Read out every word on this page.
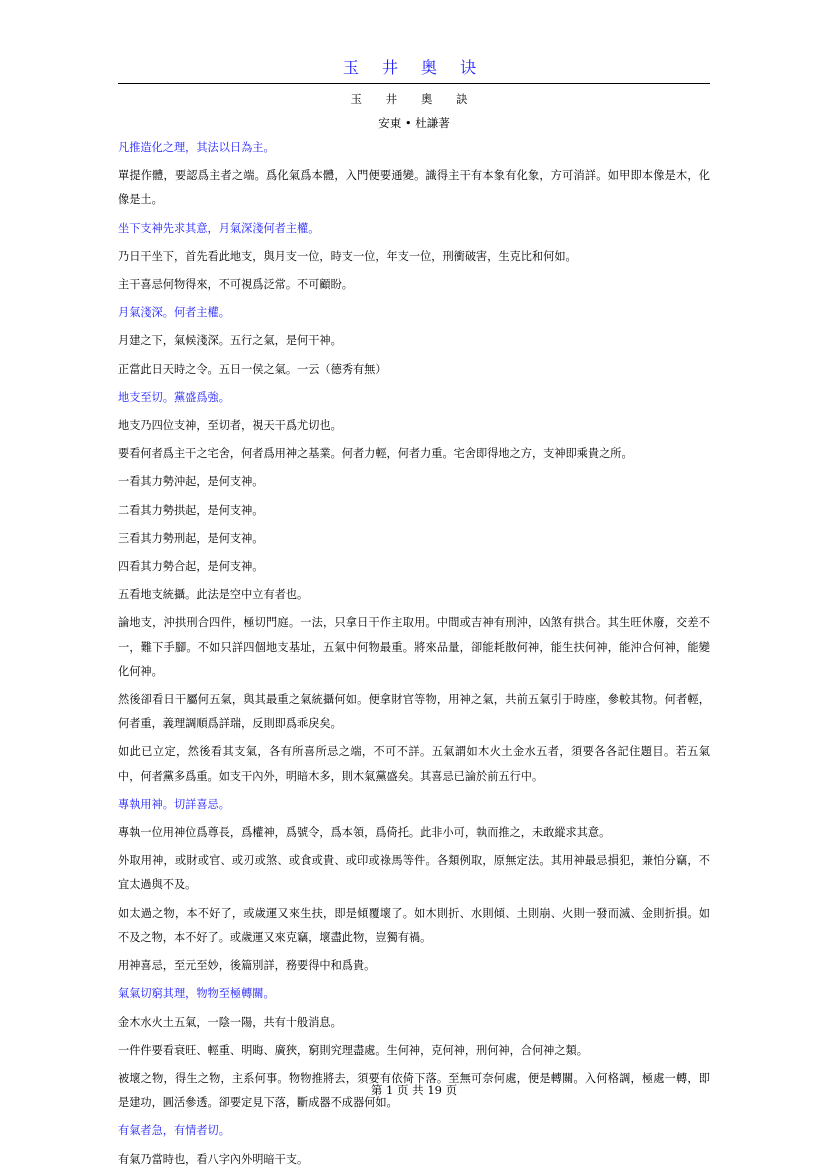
玉 井 奥 诀
玉 井 奧 訣
安東 • 杜謙著

凡推造化之理，其法以日為主。

單提作體，要認爲主者之端。爲化氣爲本體，入門便要通變。識得主干有本象有化象，方可消詳。如甲即本像是木，化像是土。

坐下支神先求其意，月氣深淺何者主權。

乃日干坐下，首先看此地支，與月支一位，時支一位，年支一位，刑衝破害，生克比和何如。

主干喜忌何物得來，不可視爲泛常。不可顧盼。

月氣淺深。何者主權。

月建之下，氣候淺深。五行之氣，是何干神。

正當此日天時之令。五日一侯之氣。一云（德秀有無）

地支至切。黨盛爲強。

地支乃四位支神，至切者，視天干爲尤切也。

要看何者爲主干之宅舍，何者爲用神之基業。何者力輕，何者力重。宅舍即得地之方，支神即乘貴之所。

一看其力勢沖起，是何支神。

二看其力勢拱起，是何支神。

三看其力勢刑起，是何支神。

四看其力勢合起，是何支神。

五看地支統攝。此法是空中立有者也。

論地支，沖拱刑合四件，極切門庭。一法，只拿日干作主取用。中間或吉神有刑沖，凶煞有拱合。其生旺休廢，交差不一，難下手腳。不如只詳四個地支基址，五氣中何物最重。將來品量，卻能耗散何神，能生扶何神，能沖合何神，能變化何神。

然後卻看日干屬何五氣，與其最重之氣統攝何如。便拿財官等物，用神之氣，共前五氣引于時座，參較其物。何者輕，何者重，義理調順爲詳瑞，反則即爲乖戾矣。

如此已立定，然後看其支氣，各有所喜所忌之端，不可不詳。五氣謂如木火土金水五者，須要各各記住題目。若五氣中，何者黨多爲重。如支干內外，明暗木多，則木氣黨盛矣。其喜忌已論於前五行中。

專執用神。切詳喜忌。

專執一位用神位爲尊長，爲權神，爲號令，爲本領，爲倚托。此非小可，執而推之，未敢縱求其意。

外取用神，或財或官、或刃或煞、或食或貴、或印或祿馬等件。各類例取，原無定法。其用神最忌損犯，兼怕分竊，不宜太過與不及。

如太過之物，本不好了，或歲運又來生扶，即是傾覆壞了。如木則折、水則傾、土則崩、火則一發而滅、金則折損。如不及之物，本不好了。或歲運又來克竊，壞盡此物，豈獨有禍。

用神喜忌，至元至妙，後篇別詳，務要得中和爲貴。

氣氣切窮其理，物物至極轉關。

金木水火土五氣，一陰一陽，共有十般消息。

一件件要看衰旺、輕重、明晦、廣狹，窮則究理盡處。生何神，克何神，刑何神，合何神之類。

被壞之物，得生之物，主系何事。物物推將去，須要有依倚下落。至無可奈何處，便是轉關。入何格調，極處一轉，即是建功，圓活參透。卻要定見下落，斷成器不成器何如。

有氣者急，有情者切。

有氣乃當時也，看八字內外明暗干支。

第 1 页 共 19 页
